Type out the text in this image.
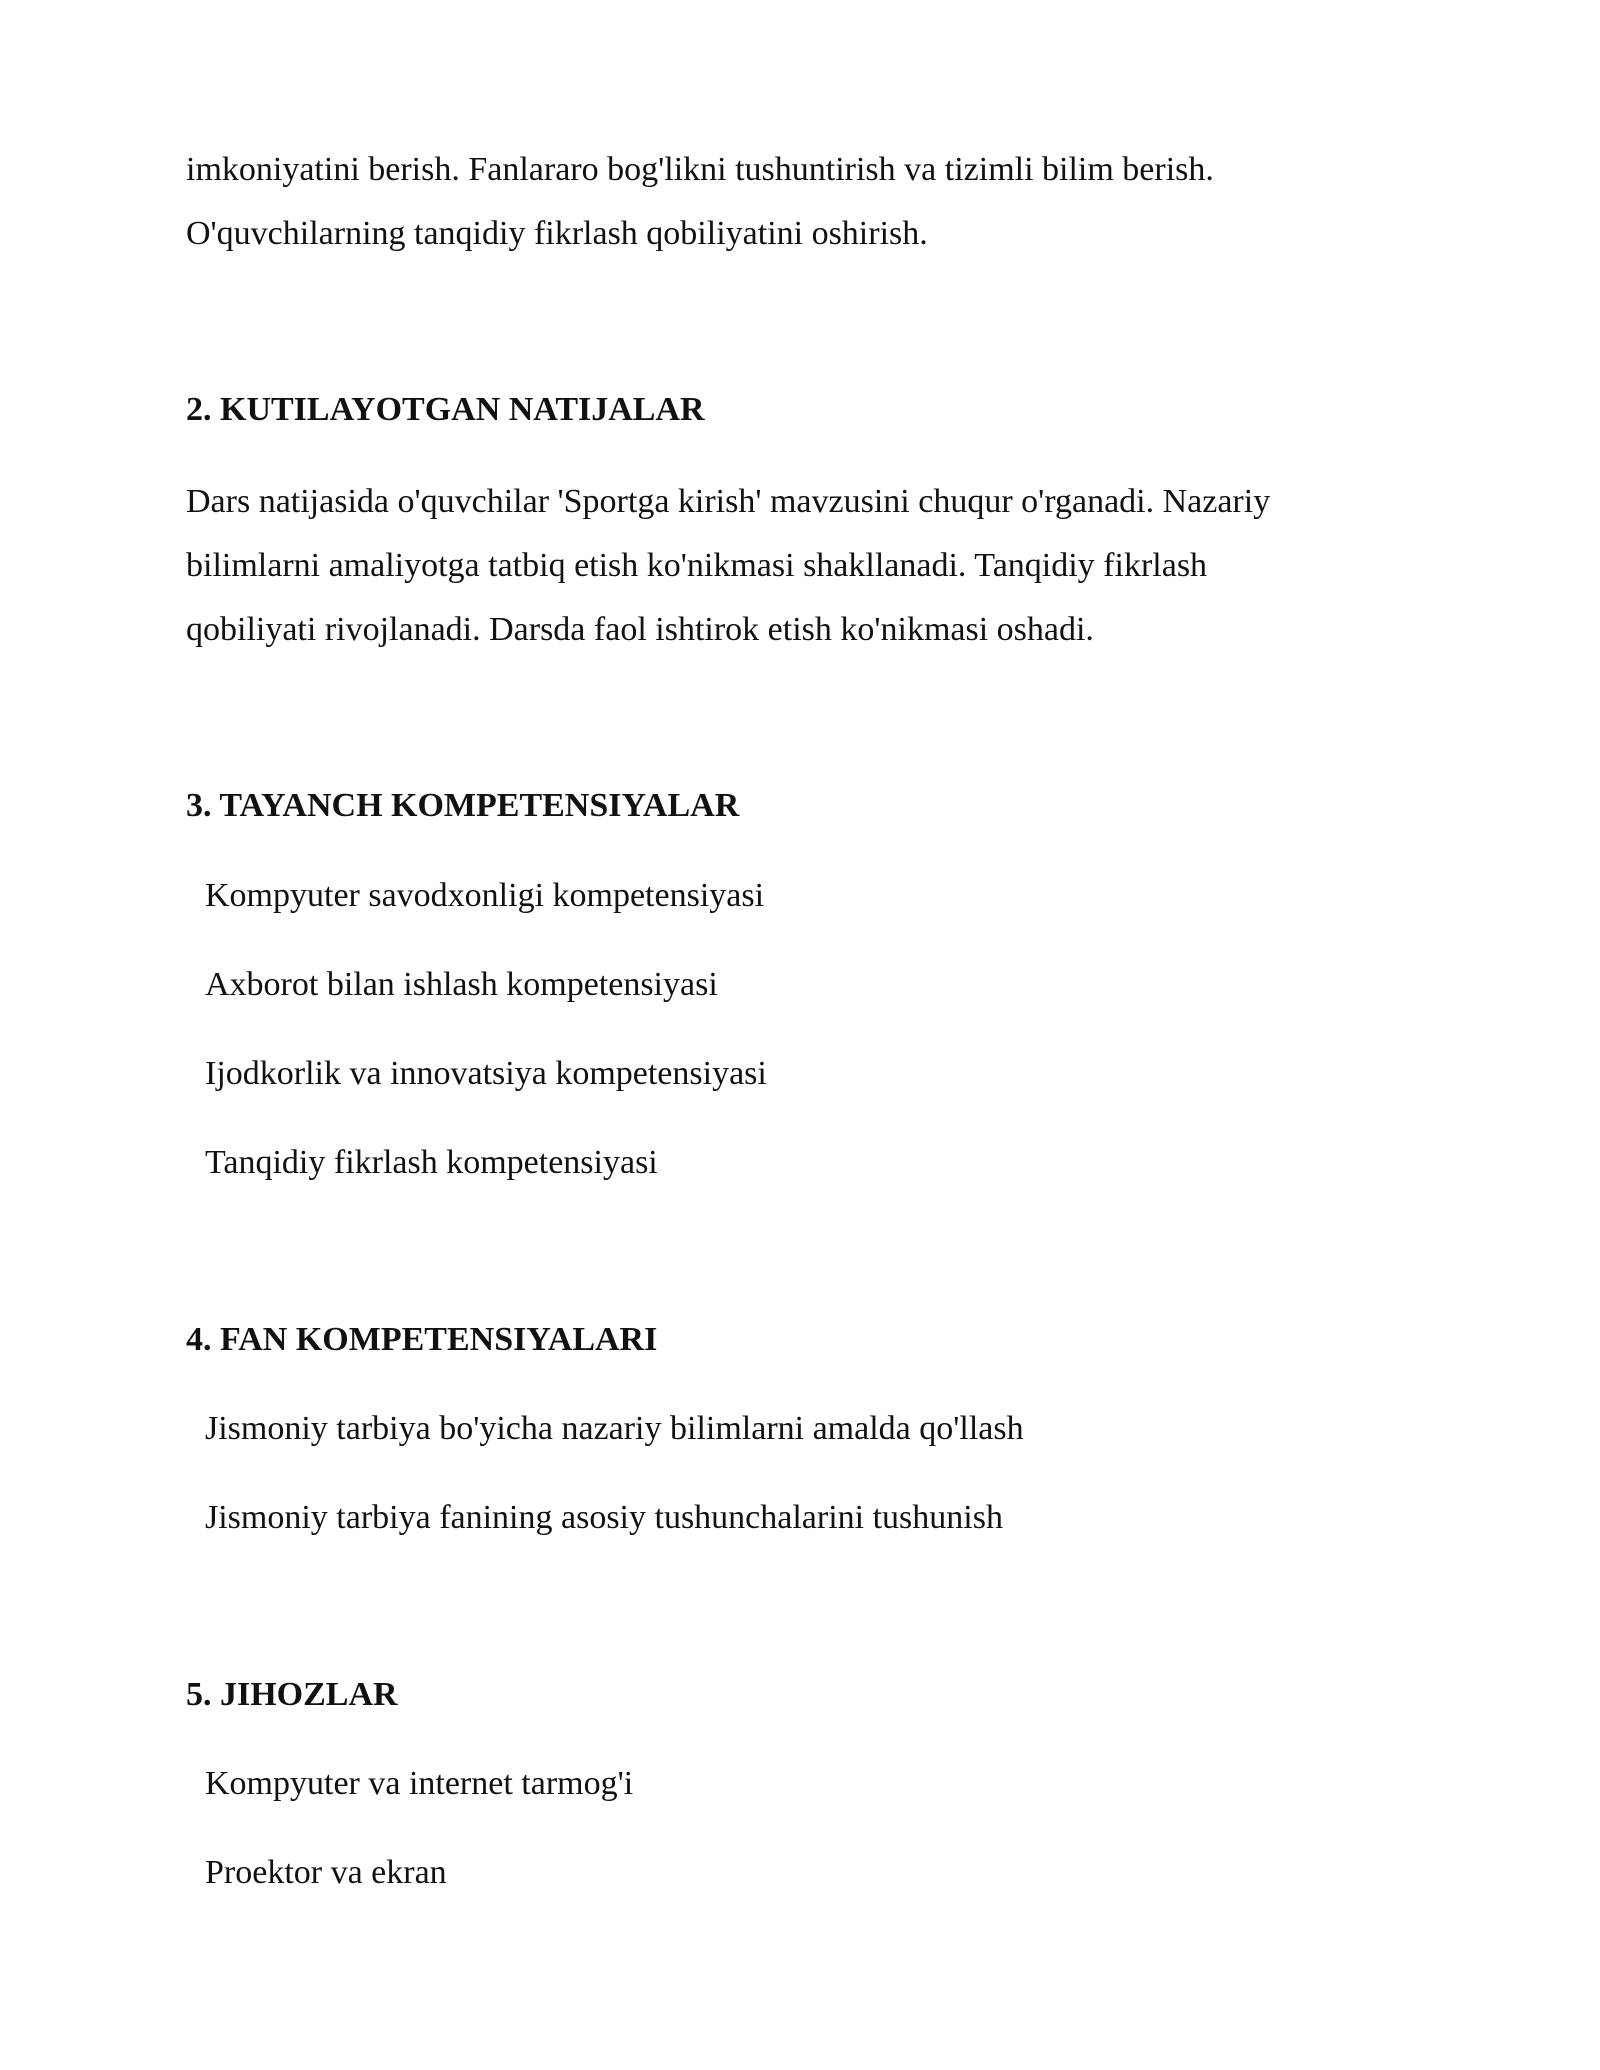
imkoniyatini berish. Fanlararo bog'likni tushuntirish va tizimli bilim berish.

O'quvchilarning tanqidiy fikrlash qobiliyatini oshirish.

2. KUTILAYOTGAN NATIJALAR

Dars natijasida o'quvchilar 'Sportga kirish' mavzusini chuqur o'rganadi. Nazariy

bilimlarni amaliyotga tatbiq etish ko'nikmasi shakllanadi. Tanqidiy fikrlash

qobiliyati rivojlanadi. Darsda faol ishtirok etish ko'nikmasi oshadi.

3. TAYANCH KOMPETENSIYALAR

Kompyuter savodxonligi kompetensiyasi

Axborot bilan ishlash kompetensiyasi

Ijodkorlik va innovatsiya kompetensiyasi

Tanqidiy fikrlash kompetensiyasi

4. FAN KOMPETENSIYALARI

Jismoniy tarbiya bo'yicha nazariy bilimlarni amalda qo'llash

Jismoniy tarbiya fanining asosiy tushunchalarini tushunish

5. JIHOZLAR

Kompyuter va internet tarmog'i

Proektor va ekran
